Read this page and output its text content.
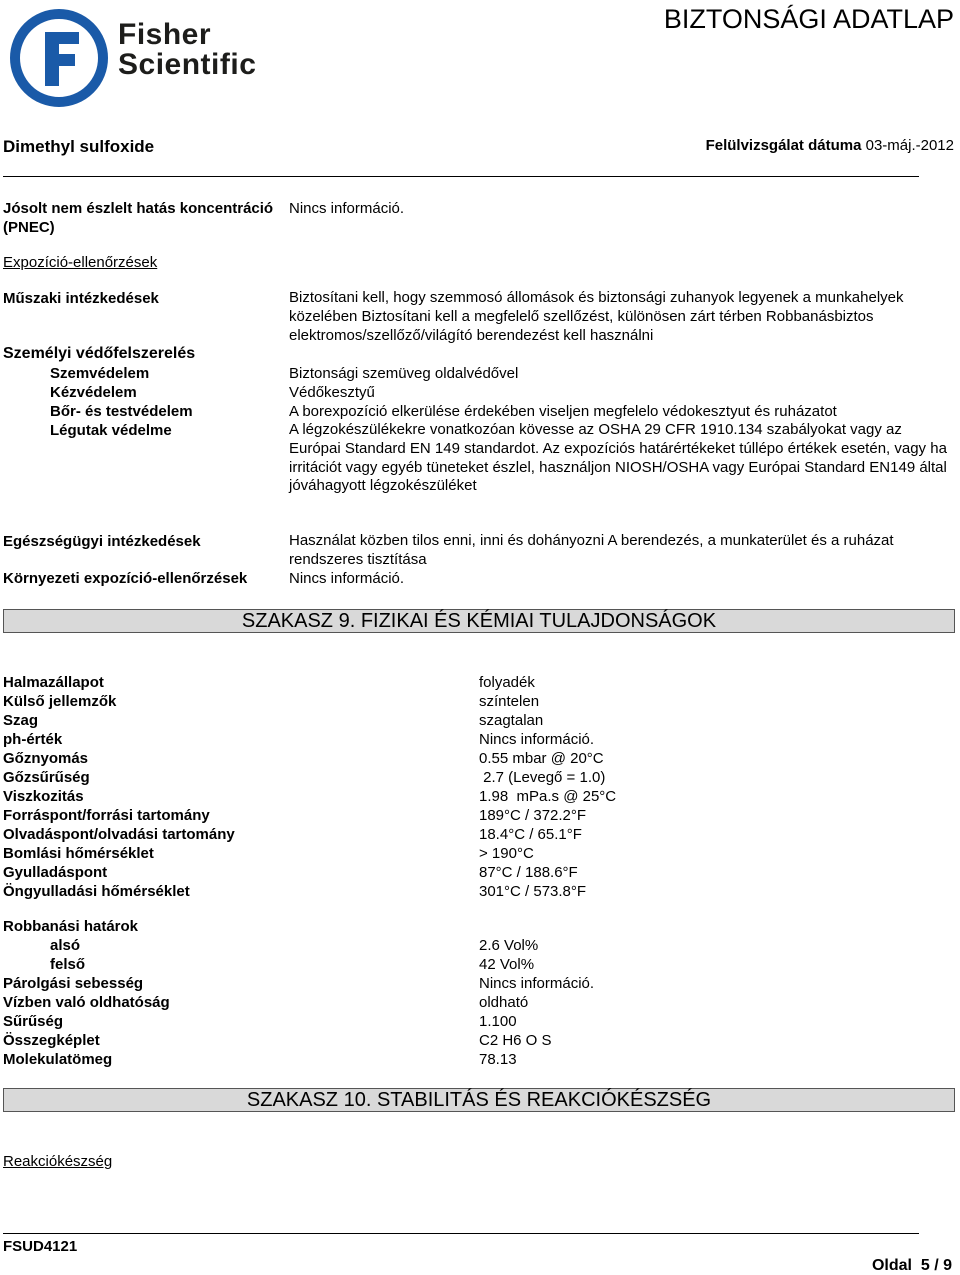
Fisher
Scientific
BIZTONSÁGI ADATLAP
Dimethyl sulfoxide	Felülvizsgálat dátuma 03-máj.-2012
Jósolt nem észlelt hatás koncentráció
(PNEC)
Nincs információ.
Expozíció-ellenőrzések
Műszaki intézkedések	Biztosítani kell, hogy szemmosó állomások és biztonsági zuhanyok legyenek a munkahelyek közelében Biztosítani kell a megfelelő szellőzést, különösen zárt térben Robbanásbiztos elektromos/szellőző/világító berendezést kell használni
Személyi védőfelszerelés
Szemvédelem	Biztonsági szemüveg oldalvédővel
Kézvédelem	Védőkesztyű
Bőr- és testvédelem	A borexpozíció elkerülése érdekében viseljen megfelelo védokesztyut és ruházatot
Légutak védelme	A légzokészülékekre vonatkozóan kövesse az OSHA 29 CFR 1910.134 szabályokat vagy az Európai Standard EN 149 standardot. Az expozíciós határértékeket túllépo értékek esetén, vagy ha irritációt vagy egyéb tüneteket észlel, használjon NIOSH/OSHA vagy Európai Standard EN149 által jóváhagyott légzokészüléket
Egészségügyi intézkedések	Használat közben tilos enni, inni és dohányozni A berendezés, a munkaterület és a ruházat rendszeres tisztítása
Környezeti expozíció-ellenőrzések	Nincs információ.
SZAKASZ 9. FIZIKAI ÉS KÉMIAI TULAJDONSÁGOK
Halmazállapot	folyadék
Külső jellemzők	színtelen
Szag	szagtalan
ph-érték	Nincs információ.
Gőznyomás	0.55 mbar @ 20°C
Gőzsűrűség	2.7 (Levegő = 1.0)
Viszkozitás	1.98  mPa.s @ 25°C
Forráspont/forrási tartomány	189°C / 372.2°F
Olvadáspont/olvadási tartomány	18.4°C / 65.1°F
Bomlási hőmérséklet	> 190°C
Gyulladáspont	87°C / 188.6°F
Öngyulladási hőmérséklet	301°C / 573.8°F
Robbanási határok
alsó	2.6 Vol%
felső	42 Vol%
Párolgási sebesség	Nincs információ.
Vízben való oldhatóság	oldható
Sűrűség	1.100
Összegképlet	C2 H6 O S
Molekulatömeg	78.13
SZAKASZ 10. STABILITÁS ÉS REAKCIÓKÉSZSÉG
Reakciókészség
FSUD4121
Oldal 5 / 9
